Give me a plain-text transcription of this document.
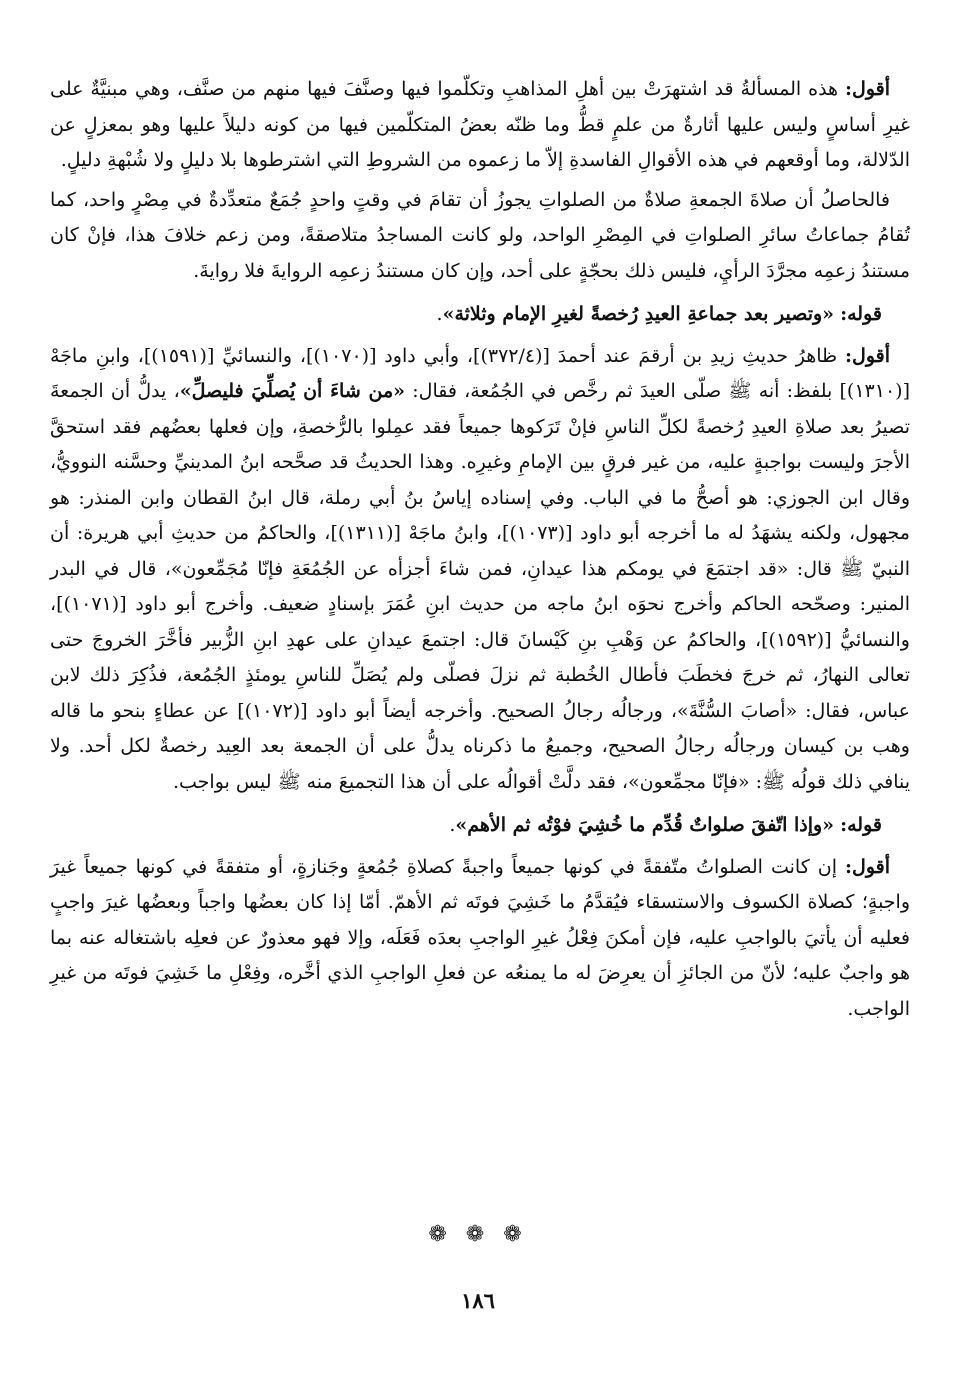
أقول: هذه المسألةُ قد اشتهرَتْ بين أهلِ المذاهبِ وتكلّموا فيها وصنَّفَ فيها منهم من صنَّف، وهي مبنيَّةٌ على غيرِ أساسٍ وليس عليها أثارةٌ من علمٍ قطُّ وما ظنّه بعضُ المتكلّمين فيها من كونه دليلاً عليها وهو بمعزلٍ عن الدّلالة، وما أوقعهم في هذه الأقوالِ الفاسدةِ إلاّ ما زعموه من الشروطِ التي اشترطوها بلا دليلٍ ولا شُبْهةِ دليلٍ.

فالحاصلُ أن صلاةَ الجمعةِ صلاةٌ من الصلواتِ يجوزُ أن تقامَ في وقتٍ واحدٍ جُمَعٌ متعدِّدةٌ في مِصْرٍ واحد، كما تُقامُ جماعاتُ سائرِ الصلواتِ في المِصْرِ الواحد، ولو كانت المساجدُ متلاصقةً، ومن زعم خلافَ هذا، فإنْ كان مستندُ زعمِه مجرَّدَ الرأيِ، فليس ذلك بحجّةٍ على أحد، وإن كان مستندُ زعمِه الروايةَ فلا روايةَ.

قوله: «وتصير بعد جماعةِ العيدِ رُخصةً لغيرِ الإمام وثلاثة».

أقول: ظاهرُ حديثِ زيدِ بن أرقمَ عند أحمدَ [(٣٧٢/٤)]، وأبي داود [(١٠٧٠)]، والنسائيِّ [(١٥٩١)]، وابنِ ماجَهْ [(١٣١٠)] بلفظ: أنه ﷺ صلّى العيدَ ثم رخَّص في الجُمُعة، فقال: «من شاءَ أن يُصلِّيَ فليصلِّ»، يدلُّ أن الجمعةَ تصيرُ بعد صلاةِ العيدِ رُخصةً لكلِّ الناسِ فإنْ تَرَكوها جميعاً فقد عمِلوا بالرُّخصةِ، وإن فعلها بعضُهم فقد استحقَّ الأجرَ وليست بواجبةٍ عليه، من غير فرقٍ بين الإمامِ وغيرِه. وهذا الحديثُ قد صحَّحه ابنُ المدينيِّ وحسَّنه النوويُّ، وقال ابن الجوزي: هو أصحُّ ما في الباب. وفي إسناده إياسُ بنُ أبي رملة، قال ابنُ القطان وابن المنذر: هو مجهول، ولكنه يشهَدُ له ما أخرجه أبو داود [(١٠٧٣)]، وابنُ ماجَهْ [(١٣١١)]، والحاكمُ من حديثِ أبي هريرة: أن النبيّ ﷺ قال: «قد اجتمَعَ في يومكم هذا عيدانِ، فمن شاءَ أجزأه عن الجُمُعَةِ فإنّا مُجَمِّعون»، قال في البدر المنير: وصحّحه الحاكم وأخرج نحوَه ابنُ ماجه من حديث ابنِ عُمَرَ بإسنادٍ ضعيف. وأخرج أبو داود [(١٠٧١)]، والنسائيُّ [(١٥٩٢)]، والحاكمُ عن وَهْبِ بنِ كَيْسانَ قال: اجتمعَ عيدانِ على عهدِ ابنِ الزُّبير فأخَّرَ الخروجَ حتى تعالى النهارُ، ثم خرجَ فخطَبَ فأطال الخُطبة ثم نزلَ فصلّى ولم يُصَلِّ للناسِ يومئذٍ الجُمُعة، فذُكِرَ ذلك لابن عباس، فقال: «أصابَ السُّنَّةَ»، ورجالُه رجالُ الصحيح. وأخرجه أيضاً أبو داود [(١٠٧٢)] عن عطاءٍ بنحو ما قاله وهب بن كيسان ورجالُه رجالُ الصحيح، وجميعُ ما ذكرناه يدلُّ على أن الجمعة بعد العِيد رخصةٌ لكل أحد. ولا ينافي ذلك قولُه ﷺ: «فإنّا مجمِّعون»، فقد دلَّتْ أقوالُه على أن هذا التجميعَ منه ﷺ ليس بواجب.

قوله: «وإذا اتّفقَ صلواتٌ قُدِّم ما خُشِيَ فوْتُه ثم الأهم».

أقول: إن كانت الصلواتُ متّفقةً في كونها جميعاً واجبةً كصلاةِ جُمُعةٍ وجَنازةٍ، أو متفقةً في كونها جميعاً غيرَ واجبةٍ؛ كصلاة الكسوف والاستسقاء فيُقدَّمُ ما خَشِيَ فوتَه ثم الأهمّ. أمّا إذا كان بعضُها واجباً وبعضُها غيرَ واجبٍ فعليه أن يأتيَ بالواجبِ عليه، فإن أمكنَ فِعْلُ غيرِ الواجبِ بعدَه فَعَلَه، وإلا فهو معذورٌ عن فعلِه باشتغاله عنه بما هو واجبٌ عليه؛ لأنّ من الجائزِ أن يعرِضَ له ما يمنعُه عن فعلِ الواجبِ الذي أخَّره، وفِعْلِ ما خَشِيَ فوتَه من غيرِ الواجب.

❁ ❁ ❁
١٨٦
